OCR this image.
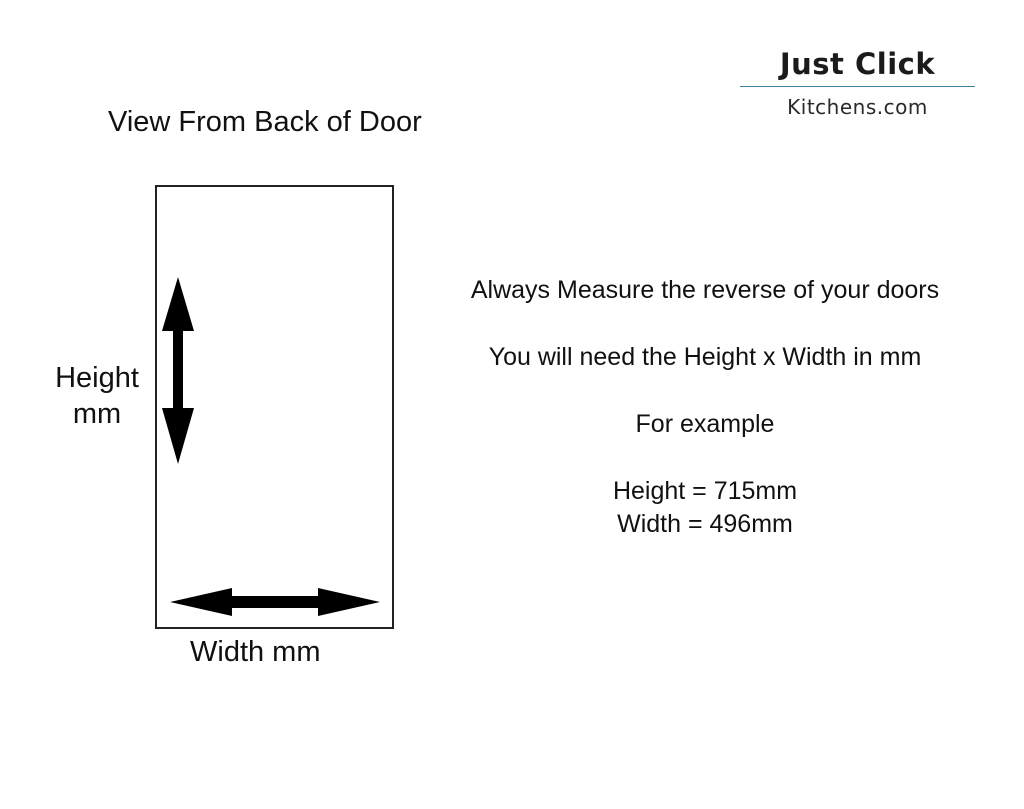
Just Click
Kitchens.com
View From Back of Door
Height
mm
Width mm
Always Measure the reverse of your doors
You will need the Height x Width in mm
For example
Height = 715mm
Width = 496mm
